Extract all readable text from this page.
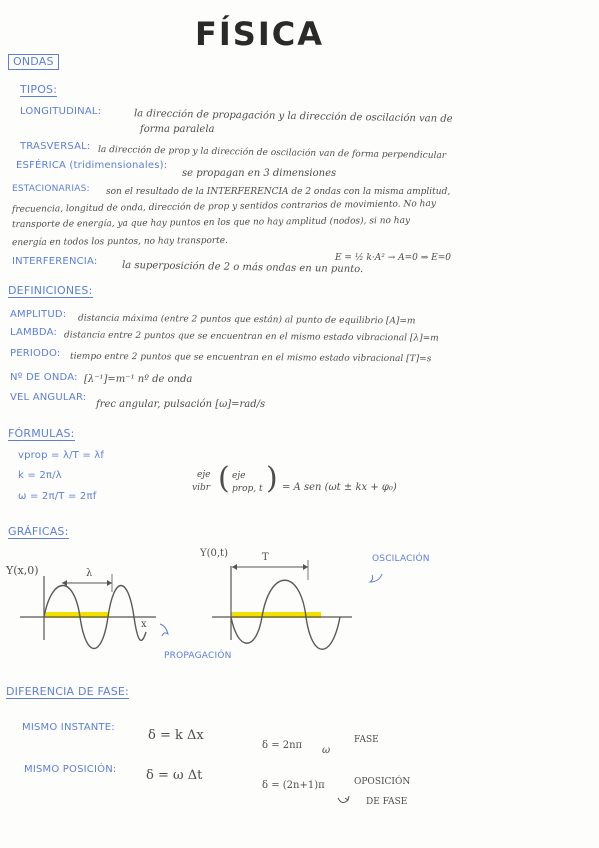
FÍSICA
ONDAS
TIPOS:
LONGITUDINAL:	la dirección de propagación y la dirección de oscilación van de
forma paralela
TRASVERSAL: la dirección de prop y la dirección de oscilación van de forma perpendicular
ESFÉRICA (tridimensionales):
se propagan en 3 dimensiones
ESTACIONARIAS: son el resultado de la INTERFERENCIA de 2 ondas con la misma amplitud,
frecuencia, longitud de onda, dirección de prop y sentidos contrarios de movimiento. No hay
transporte de energía, ya que hay puntos en los que no hay amplitud (nodos), si no hay
energía en todos los puntos, no hay transporte.
E = ½ k·A² → A=0 ⇒ E=0
INTERFERENCIA: la superposición de 2 o más ondas en un punto.
DEFINICIONES:
AMPLITUD: distancia máxima (entre 2 puntos que están) al punto de equilibrio [A]=m
LAMBDA: distancia entre 2 puntos que se encuentran en el mismo estado vibracional [λ]=m
PERIODO: tiempo entre 2 puntos que se encuentran en el mismo estado vibracional [T]=s
Nº DE ONDA: [λ⁻¹]=m⁻¹ nº de onda
VEL ANGULAR:
frec angular, pulsación [ω]=rad/s
FÓRMULAS:
vprop = λ/T = λf
k = 2π/λ
ω = 2π/T = 2πf
eje
vibr ( eje
prop, t ) = A sen (ωt ± kx + φ₀)
GRÁFICAS:
Y(x,0)	λ
x
PROPAGACIÓN
Y(0,t)	T	OSCILACIÓN
DIFERENCIA DE FASE:
MISMO INSTANTE:
δ = k Δx
MISMO POSICIÓN: δ = ω Δt
FASE
δ = 2nπ ω
δ = (2n+1)π	OPOSICIÓN
DE FASE
